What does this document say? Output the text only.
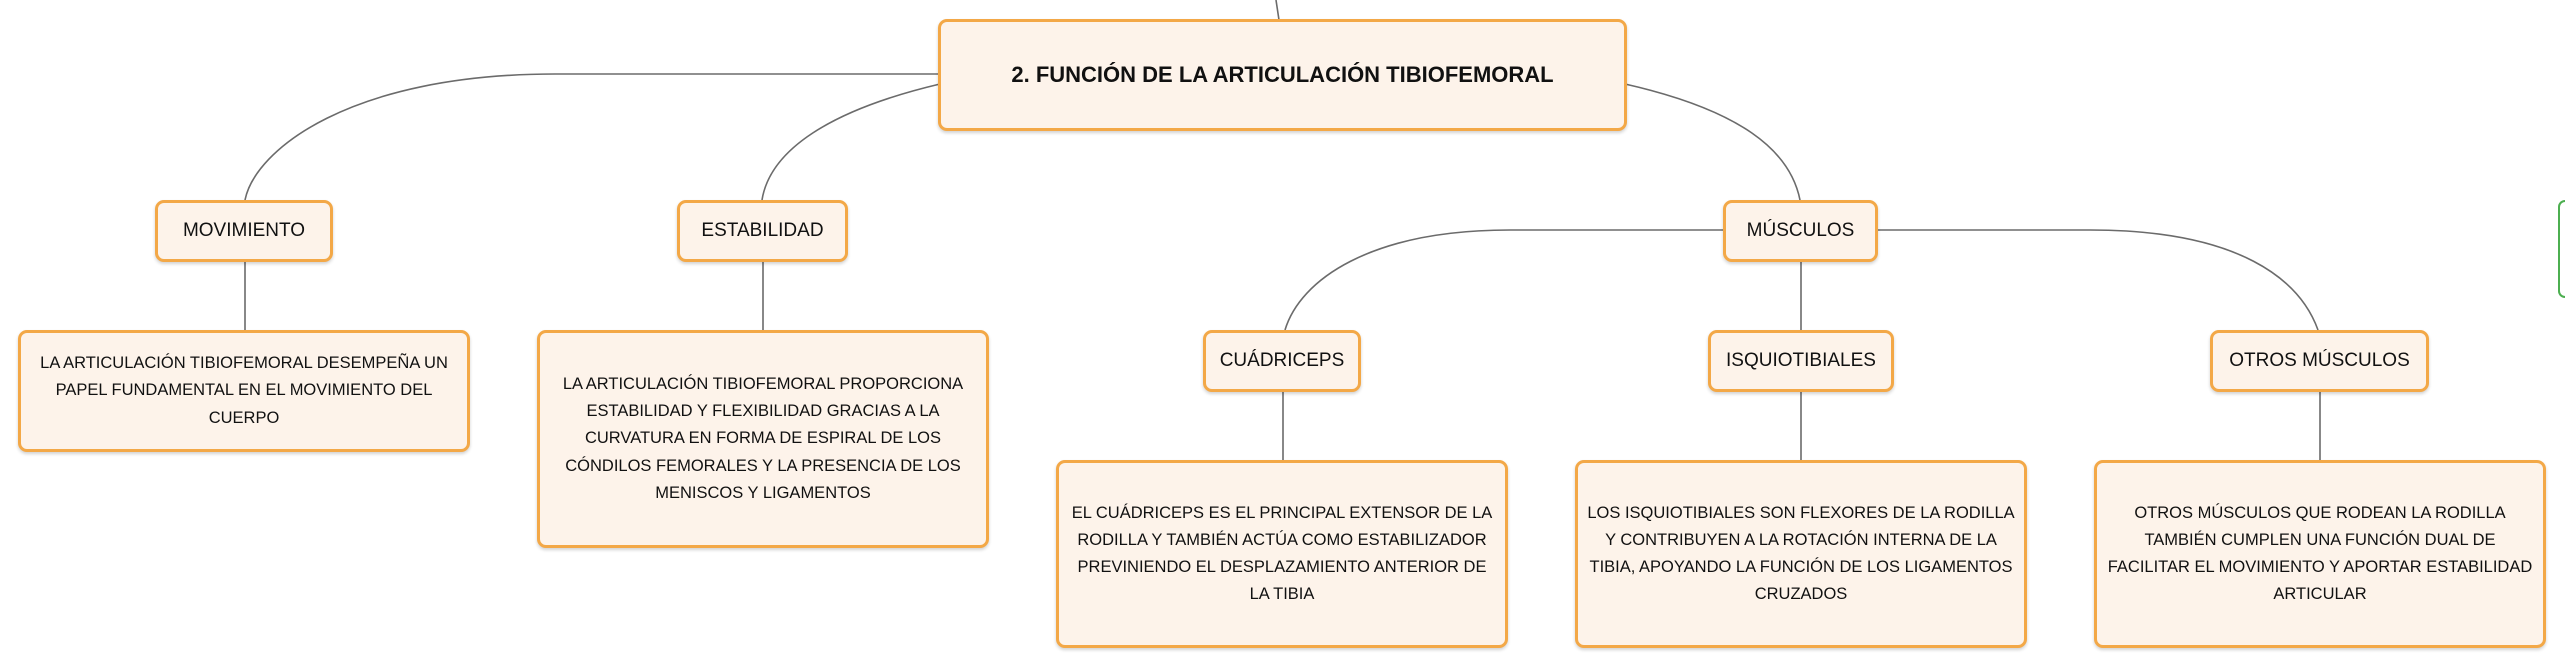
2. FUNCIÓN DE LA ARTICULACIÓN TIBIOFEMORAL
MOVIMIENTO
LA ARTICULACIÓN TIBIOFEMORAL DESEMPEÑA UN PAPEL FUNDAMENTAL EN EL MOVIMIENTO DEL CUERPO
ESTABILIDAD
LA ARTICULACIÓN TIBIOFEMORAL PROPORCIONA ESTABILIDAD Y FLEXIBILIDAD GRACIAS A LA CURVATURA EN FORMA DE ESPIRAL DE LOS CÓNDILOS FEMORALES Y LA PRESENCIA DE LOS MENISCOS Y LIGAMENTOS
MÚSCULOS
CUÁDRICEPS
EL CUÁDRICEPS ES EL PRINCIPAL EXTENSOR DE LA RODILLA Y TAMBIÉN ACTÚA COMO ESTABILIZADOR PREVINIENDO EL DESPLAZAMIENTO ANTERIOR DE LA TIBIA
ISQUIOTIBIALES
LOS ISQUIOTIBIALES SON FLEXORES DE LA RODILLA Y CONTRIBUYEN A LA ROTACIÓN INTERNA DE LA TIBIA, APOYANDO LA FUNCIÓN DE LOS LIGAMENTOS CRUZADOS
OTROS MÚSCULOS
OTROS MÚSCULOS QUE RODEAN LA RODILLA TAMBIÉN CUMPLEN UNA FUNCIÓN DUAL DE FACILITAR EL MOVIMIENTO Y APORTAR ESTABILIDAD ARTICULAR
